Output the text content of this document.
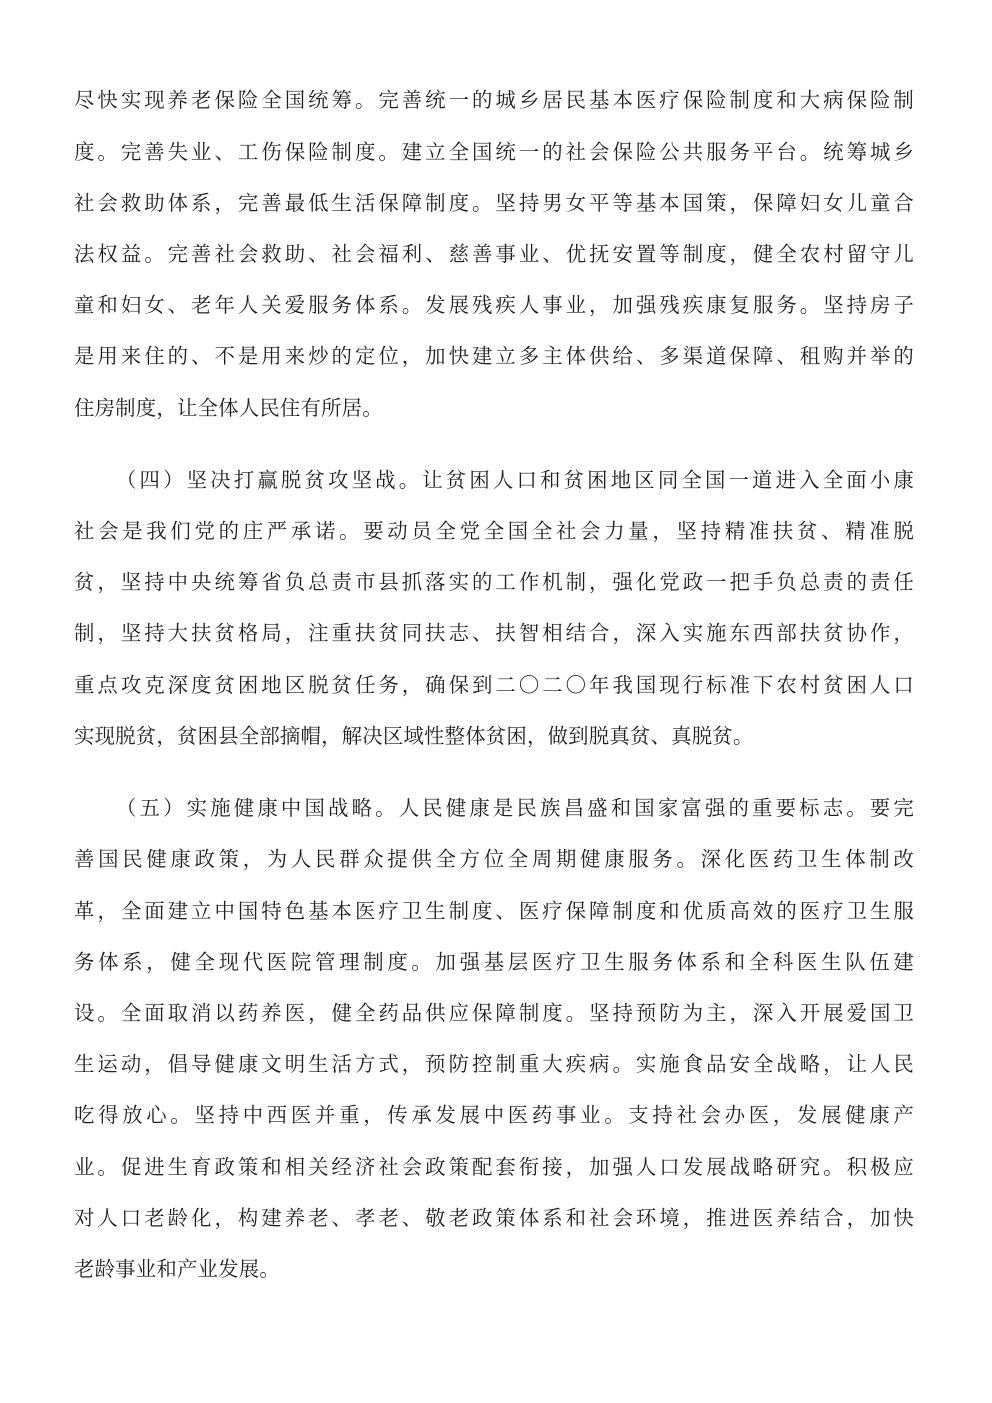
尽快实现养老保险全国统筹。完善统一的城乡居民基本医疗保险制度和大病保险制
度。完善失业、工伤保险制度。建立全国统一的社会保险公共服务平台。统筹城乡
社会救助体系，完善最低生活保障制度。坚持男女平等基本国策，保障妇女儿童合
法权益。完善社会救助、社会福利、慈善事业、优抚安置等制度，健全农村留守儿
童和妇女、老年人关爱服务体系。发展残疾人事业，加强残疾康复服务。坚持房子
是用来住的、不是用来炒的定位，加快建立多主体供给、多渠道保障、租购并举的
住房制度，让全体人民住有所居。
（四）坚决打赢脱贫攻坚战。让贫困人口和贫困地区同全国一道进入全面小康
社会是我们党的庄严承诺。要动员全党全国全社会力量，坚持精准扶贫、精准脱
贫，坚持中央统筹省负总责市县抓落实的工作机制，强化党政一把手负总责的责任
制，坚持大扶贫格局，注重扶贫同扶志、扶智相结合，深入实施东西部扶贫协作，
重点攻克深度贫困地区脱贫任务，确保到二〇二〇年我国现行标准下农村贫困人口
实现脱贫，贫困县全部摘帽，解决区域性整体贫困，做到脱真贫、真脱贫。
（五）实施健康中国战略。人民健康是民族昌盛和国家富强的重要标志。要完
善国民健康政策，为人民群众提供全方位全周期健康服务。深化医药卫生体制改
革，全面建立中国特色基本医疗卫生制度、医疗保障制度和优质高效的医疗卫生服
务体系，健全现代医院管理制度。加强基层医疗卫生服务体系和全科医生队伍建
设。全面取消以药养医，健全药品供应保障制度。坚持预防为主，深入开展爱国卫
生运动，倡导健康文明生活方式，预防控制重大疾病。实施食品安全战略，让人民
吃得放心。坚持中西医并重，传承发展中医药事业。支持社会办医，发展健康产
业。促进生育政策和相关经济社会政策配套衔接，加强人口发展战略研究。积极应
对人口老龄化，构建养老、孝老、敬老政策体系和社会环境，推进医养结合，加快
老龄事业和产业发展。
